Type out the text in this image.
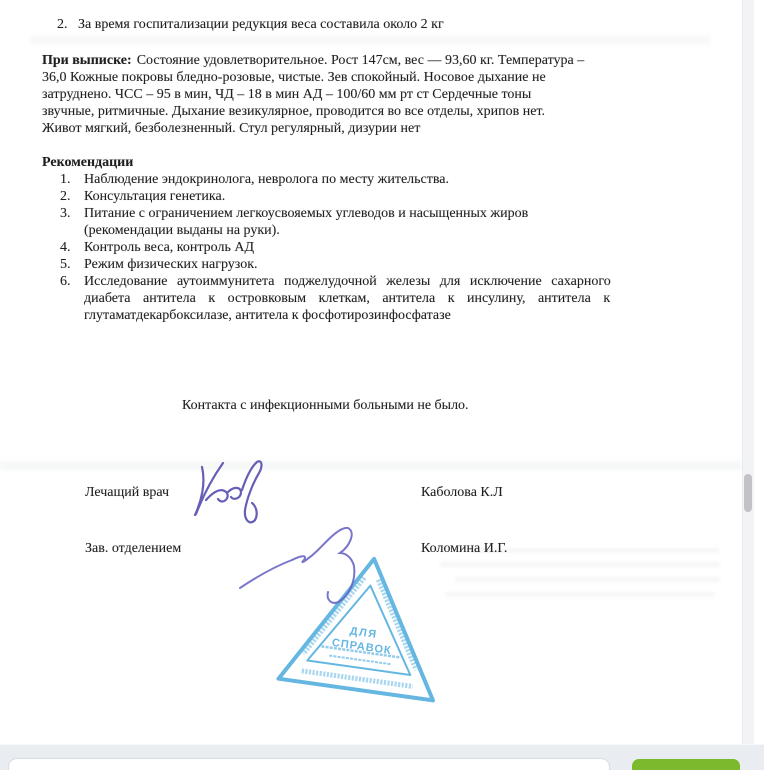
2. За время госпитализации редукция веса составила около 2 кг
При выписке: Состояние удовлетворительное. Рост 147см, вес — 93,60 кг. Температура –
36,0 Кожные покровы бледно-розовые, чистые. Зев спокойный. Носовое дыхание не
затруднено. ЧСС – 95 в мин, ЧД – 18 в мин АД – 100/60 мм рт ст Сердечные тоны
звучные, ритмичные. Дыхание везикулярное, проводится во все отделы, хрипов нет.
Живот мягкий, безболезненный. Стул регулярный, дизурии нет
Рекомендации
1. Наблюдение эндокринолога, невролога по месту жительства.
2. Консультация генетика.
3. Питание с ограничением легкоусвояемых углеводов и насыщенных жиров
(рекомендации выданы на руки).
4. Контроль веса, контроль АД
5. Режим физических нагрузок.
6. Исследование аутоиммунитета поджелудочной железы для исключение сахарного
диабета антитела к островковым клеткам, антитела к инсулину, антитела к
глутаматдекарбоксилазе, антитела к фосфотирозинфосфатазе
Контакта с инфекционными больными не было.
Лечащий врач	Каболова К.Л
Зав. отделением	Коломина И.Г.
ДЛЯ
СПРАВОК
